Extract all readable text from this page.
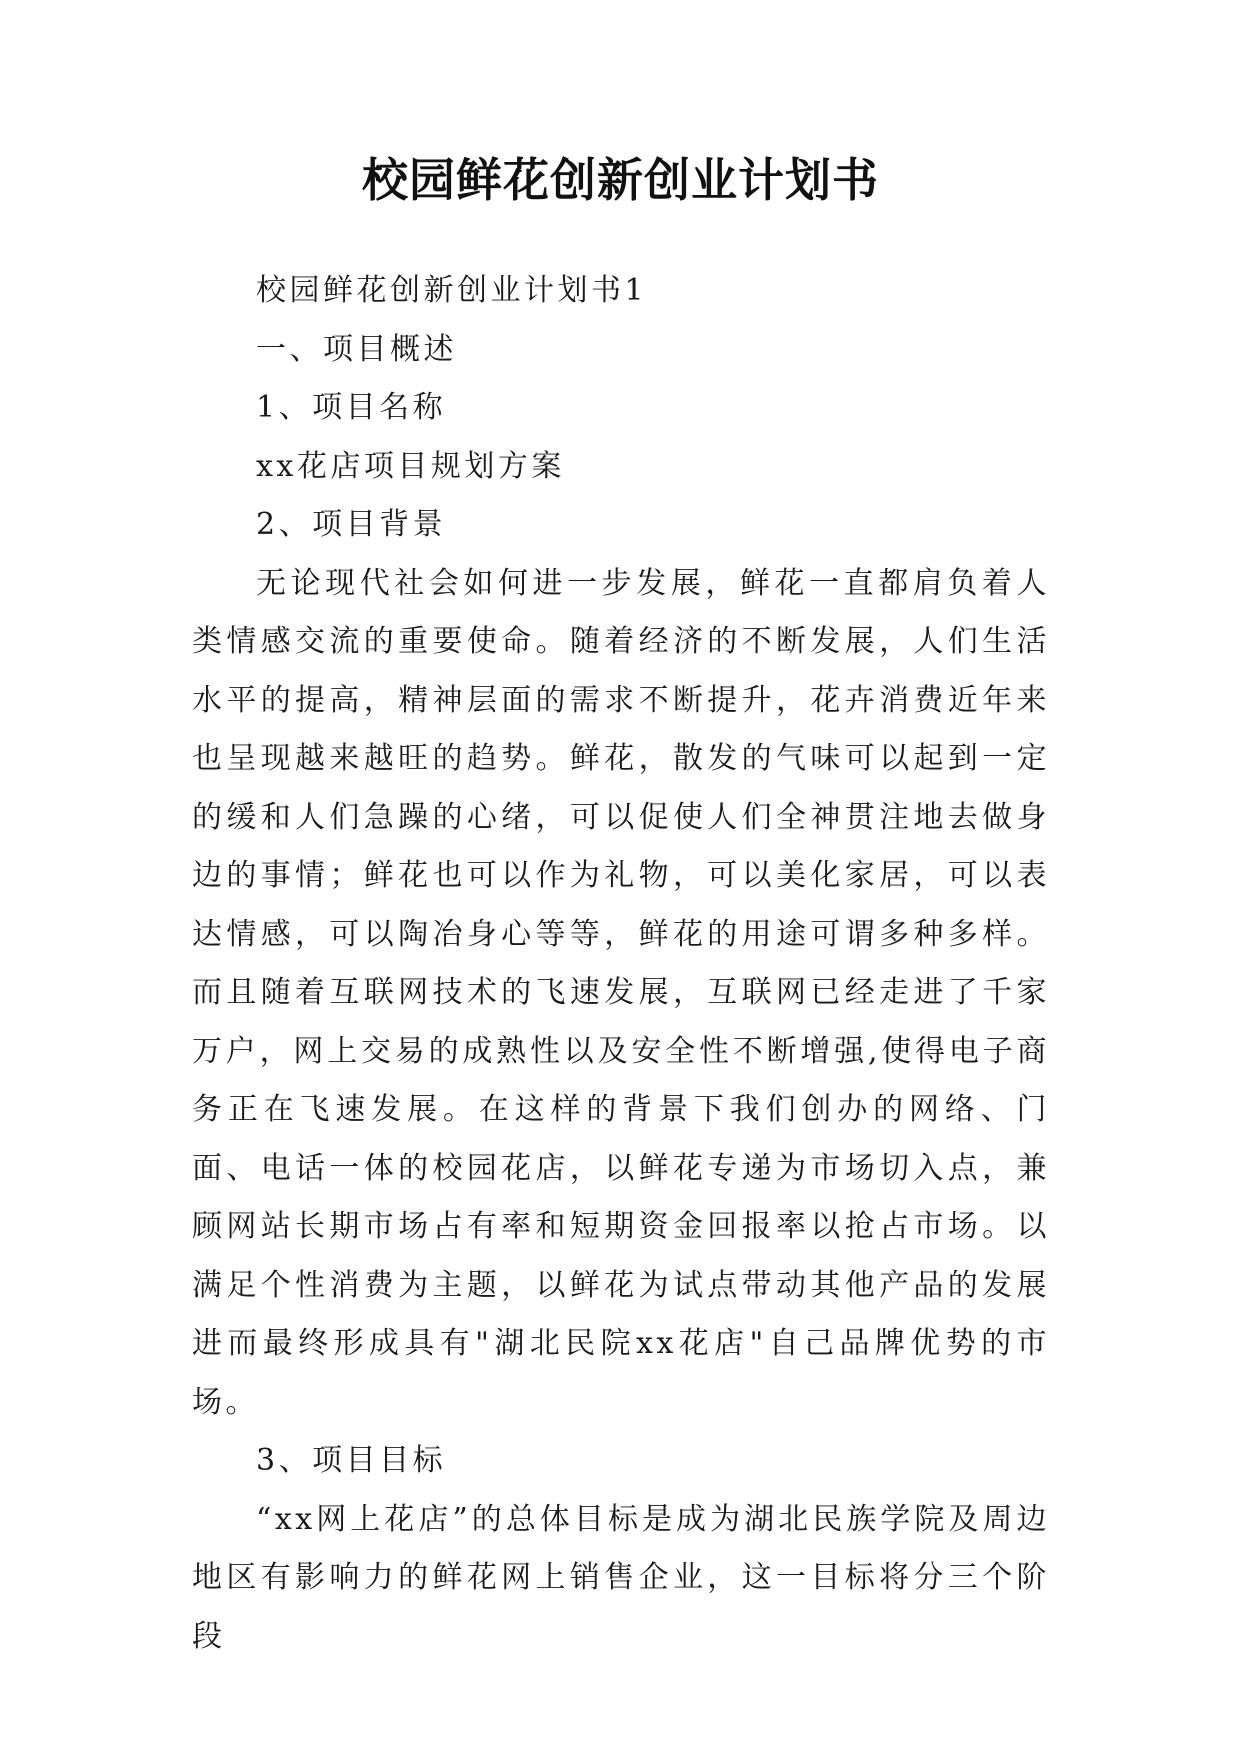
校园鲜花创新创业计划书

校园鲜花创新创业计划书1

一、项目概述

1、项目名称

xx花店项目规划方案

2、项目背景

无论现代社会如何进一步发展，鲜花一直都肩负着人类情感交流的重要使命。随着经济的不断发展，人们生活水平的提高，精神层面的需求不断提升，花卉消费近年来也呈现越来越旺的趋势。鲜花，散发的气味可以起到一定的缓和人们急躁的心绪，可以促使人们全神贯注地去做身边的事情；鲜花也可以作为礼物，可以美化家居，可以表达情感，可以陶冶身心等等，鲜花的用途可谓多种多样。 而且随着互联网技术的飞速发展，互联网已经走进了千家万户，网上交易的成熟性以及安全性不断增强,使得电子商务正在飞速发展。在这样的背景下我们创办的网络、门面、电话一体的校园花店，以鲜花专递为市场切入点，兼顾网站长期市场占有率和短期资金回报率以抢占市场。以满足个性消费为主题，以鲜花为试点带动其他产品的发展进而最终形成具有"湖北民院xx花店"自己品牌优势的市场。

3、项目目标

“xx网上花店”的总体目标是成为湖北民族学院及周边地区有影响力的鲜花网上销售企业，这一目标将分三个阶段
